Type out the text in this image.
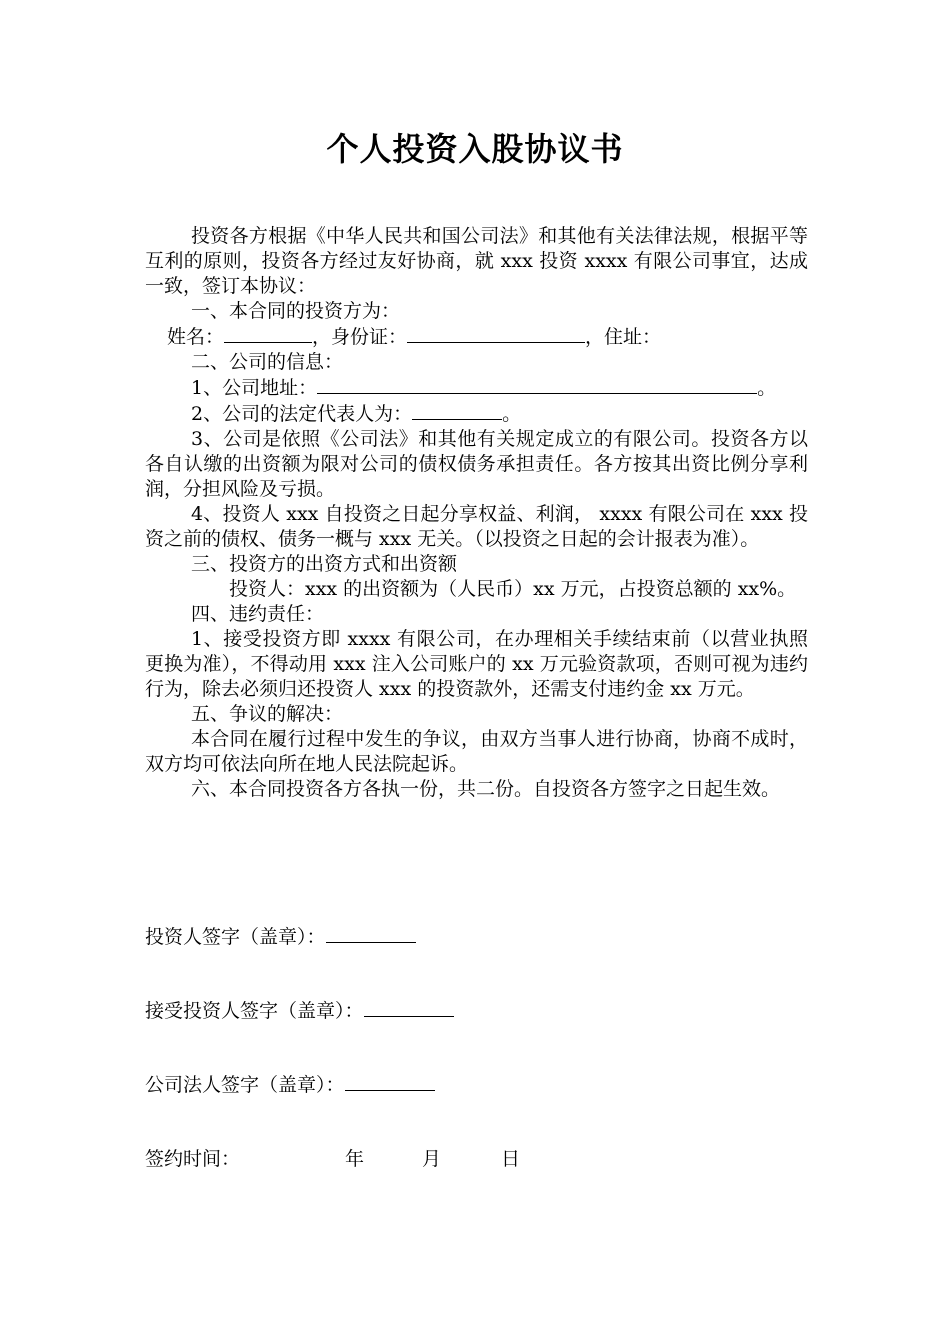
个人投资入股协议书

投资各方根据《中华人民共和国公司法》和其他有关法律法规，根据平等互利的原则，投资各方经过友好协商，就 xxx 投资 xxxx 有限公司事宜，达成一致，签订本协议：

一、本合同的投资方为：

姓名：	，身份证：	，住址：

二、公司的信息：

1、公司地址：	。

2、公司的法定代表人为：	。

3、公司是依照《公司法》和其他有关规定成立的有限公司。投资各方以各自认缴的出资额为限对公司的债权债务承担责任。各方按其出资比例分享利润，分担风险及亏损。

4、投资人 xxx 自投资之日起分享权益、利润， xxxx 有限公司在 xxx 投资之前的债权、债务一概与 xxx 无关。（以投资之日起的会计报表为准）。

三、投资方的出资方式和出资额

投资人：xxx 的出资额为（人民币）xx 万元，占投资总额的 xx%。

四、违约责任：

1、接受投资方即 xxxx 有限公司，在办理相关手续结束前（以营业执照更换为准），不得动用 xxx 注入公司账户的 xx 万元验资款项，否则可视为违约行为，除去必须归还投资人 xxx 的投资款外，还需支付违约金 xx 万元。

五、争议的解决：

本合同在履行过程中发生的争议，由双方当事人进行协商，协商不成时，双方均可依法向所在地人民法院起诉。

六、本合同投资各方各执一份，共二份。自投资各方签字之日起生效。

投资人签字（盖章）：
接受投资人签字（盖章）：
公司法人签字（盖章）：
签约时间：	年	月	日
